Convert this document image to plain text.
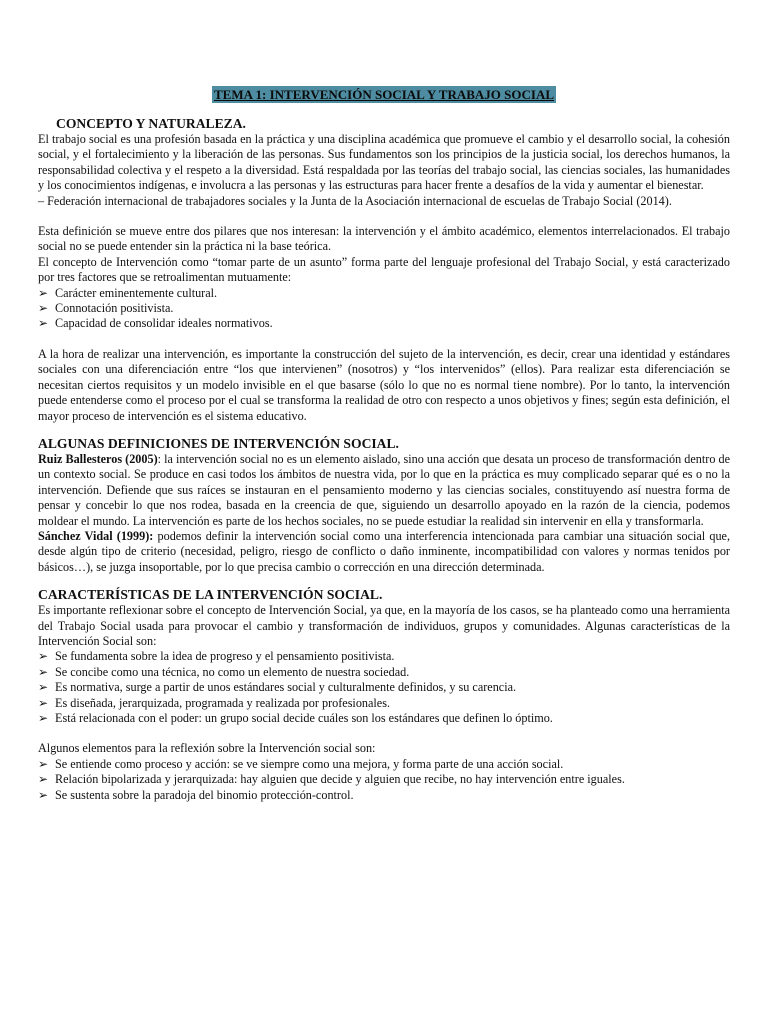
TEMA 1: INTERVENCIÓN SOCIAL Y TRABAJO SOCIAL
CONCEPTO Y NATURALEZA.

El trabajo social es una profesión basada en la práctica y una disciplina académica que promueve el cambio y el desarrollo social, la cohesión social, y el fortalecimiento y la liberación de las personas. Sus fundamentos son los principios de la justicia social, los derechos humanos, la responsabilidad colectiva y el respeto a la diversidad. Está respaldada por las teorías del trabajo social, las ciencias sociales, las humanidades y los conocimientos indígenas, e involucra a las personas y las estructuras para hacer frente a desafíos de la vida y aumentar el bienestar.

– Federación internacional de trabajadores sociales y la Junta de la Asociación internacional de escuelas de Trabajo Social (2014).

Esta definición se mueve entre dos pilares que nos interesan: la intervención y el ámbito académico, elementos interrelacionados. El trabajo social no se puede entender sin la práctica ni la base teórica.

El concepto de Intervención como “tomar parte de un asunto” forma parte del lenguaje profesional del Trabajo Social, y está caracterizado por tres factores que se retroalimentan mutuamente:

➢ Carácter eminentemente cultural.
➢ Connotación positivista.
➢ Capacidad de consolidar ideales normativos.

A la hora de realizar una intervención, es importante la construcción del sujeto de la intervención, es decir, crear una identidad y estándares sociales con una diferenciación entre “los que intervienen” (nosotros) y “los intervenidos” (ellos). Para realizar esta diferenciación se necesitan ciertos requisitos y un modelo invisible en el que basarse (sólo lo que no es normal tiene nombre). Por lo tanto, la intervención puede entenderse como el proceso por el cual se transforma la realidad de otro con respecto a unos objetivos y fines; según esta definición, el mayor proceso de intervención es el sistema educativo.

ALGUNAS DEFINICIONES DE INTERVENCIÓN SOCIAL.

Ruiz Ballesteros (2005): la intervención social no es un elemento aislado, sino una acción que desata un proceso de transformación dentro de un contexto social. Se produce en casi todos los ámbitos de nuestra vida, por lo que en la práctica es muy complicado separar qué es o no la intervención. Defiende que sus raíces se instauran en el pensamiento moderno y las ciencias sociales, constituyendo así nuestra forma de pensar y concebir lo que nos rodea, basada en la creencia de que, siguiendo un desarrollo apoyado en la razón de la ciencia, podemos moldear el mundo. La intervención es parte de los hechos sociales, no se puede estudiar la realidad sin intervenir en ella y transformarla.

Sánchez Vidal (1999): podemos definir la intervención social como una interferencia intencionada para cambiar una situación social que, desde algún tipo de criterio (necesidad, peligro, riesgo de conflicto o daño inminente, incompatibilidad con valores y normas tenidos por básicos…), se juzga insoportable, por lo que precisa cambio o corrección en una dirección determinada.

CARACTERÍSTICAS DE LA INTERVENCIÓN SOCIAL.

Es importante reflexionar sobre el concepto de Intervención Social, ya que, en la mayoría de los casos, se ha planteado como una herramienta del Trabajo Social usada para provocar el cambio y transformación de individuos, grupos y comunidades. Algunas características de la Intervención Social son:

➢ Se fundamenta sobre la idea de progreso y el pensamiento positivista.
➢ Se concibe como una técnica, no como un elemento de nuestra sociedad.
➢ Es normativa, surge a partir de unos estándares social y culturalmente definidos, y su carencia.
➢ Es diseñada, jerarquizada, programada y realizada por profesionales.
➢ Está relacionada con el poder: un grupo social decide cuáles son los estándares que definen lo óptimo.

Algunos elementos para la reflexión sobre la Intervención social son:

➢ Se entiende como proceso y acción: se ve siempre como una mejora, y forma parte de una acción social.
➢ Relación bipolarizada y jerarquizada: hay alguien que decide y alguien que recibe, no hay intervención entre iguales.
➢ Se sustenta sobre la paradoja del binomio protección-control.
